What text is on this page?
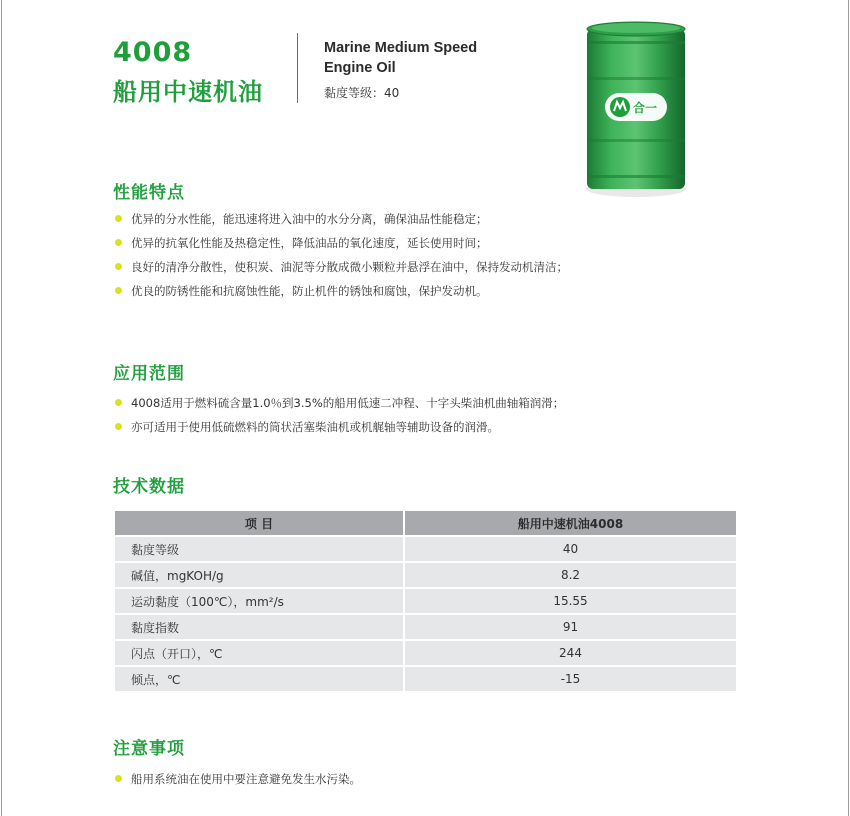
4008
船用中速机油
Marine Medium Speed
Engine Oil
黏度等级：40
合一
性能特点
优异的分水性能，能迅速将进入油中的水分分离，确保油品性能稳定；
优异的抗氧化性能及热稳定性，降低油品的氧化速度，延长使用时间；
良好的清净分散性，使积炭、油泥等分散成微小颗粒并悬浮在油中，保持发动机清洁；
优良的防锈性能和抗腐蚀性能，防止机件的锈蚀和腐蚀，保护发动机。
应用范围
4008适用于燃料硫含量1.0％到3.5%的船用低速二冲程、十字头柴油机曲轴箱润滑；
亦可适用于使用低硫燃料的筒状活塞柴油机或机艉轴等辅助设备的润滑。
技术数据
项 目	船用中速机油4008
黏度等级	40
碱值，mgKOH/g	8.2
运动黏度（100℃），mm²/s	15.55
黏度指数	91
闪点（开口），℃	244
倾点，℃	-15
注意事项
船用系统油在使用中要注意避免发生水污染。
